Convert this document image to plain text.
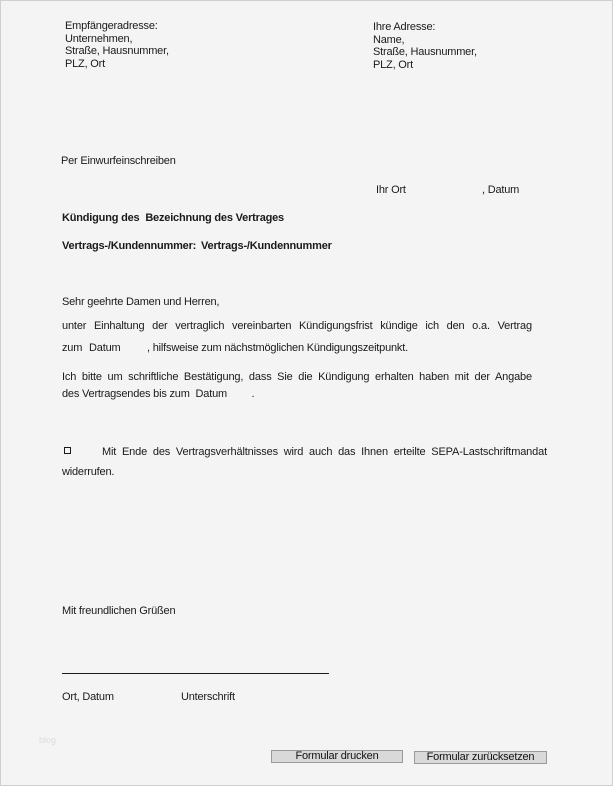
Empfängeradresse:
Unternehmen,
Straße, Hausnummer,
PLZ, Ort
Ihre Adresse:
Name,
Straße, Hausnummer,
PLZ, Ort
Per Einwurfeinschreiben
Ihr Ort	, Datum
Kündigung des Bezeichnung des Vertrages
Vertrags-/Kundennummer: Vertrags-/Kundennummer
Sehr geehrte Damen und Herren,
unter Einhaltung der vertraglich vereinbarten Kündigungsfrist kündige ich den o.a. Vertrag
zum Datum , hilfsweise zum nächstmöglichen Kündigungszeitpunkt.
Ich bitte um schriftliche Bestätigung, dass Sie die Kündigung erhalten haben mit der Angabe
des Vertragsendes bis zum Datum .
Mit Ende des Vertragsverhältnisses wird auch das Ihnen erteilte SEPA-Lastschriftmandat
widerrufen.
Mit freundlichen Grüßen
Ort, Datum	Unterschrift
blog
Formular drucken	Formular zurücksetzen
